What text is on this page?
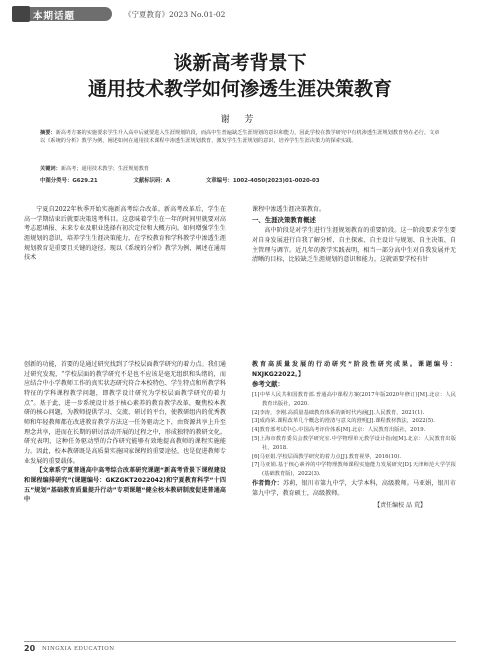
本期话题	《宁夏教育》2023 No.01-02
谈新高考背景下
通用技术教学如何渗透生涯决策教育
谢 芳
摘要：新高考方案的实施要求学生升入高中后就要进入生涯规划阶段，而高中生普遍缺乏生涯规划的意识和能力，因此学校在教学研究中有机渗透生涯规划教育势在必行。文章以《系统的分析》教学为例，阐述如何在通用技术课程中渗透生涯规划教育，激发学生生涯规划的意识，培养学生生涯决策力的探索实践。
关键词：新高考；通用技术教学；生涯规划教育
中图分类号：G629.21	文献标识码：A	文章编号：1002-4050(2023)01-0020-03

宁夏自2022年秋季开始实施新高考综合改革。新高考改革后，学生在高一学期结束后就要决策选考科目。这意味着学生在一年的时间里就要对高考志愿填报、未来专业及职业选择有初次定位和大概方向。如何增强学生生涯规划的意识，培养学生生涯决策能力，在学校教育和学科教学中渗透生涯规划教育是重要且关键的途径。现以《系统的分析》教学为例，阐述在通用技术

课程中渗透生涯决策教育。

一、生涯决策教育概述

高中阶段是对学生进行生涯规划教育的重要阶段。这一阶段要求学生要对自身发展进行自我了解分析、自主探索、自主设计与规划、自主决策、自主管理与调节。近几年的教学实践表明，相当一部分高中生对自我发展并无清晰的目标，比较缺乏生涯规划的意识和能力。这就需要学校有针

创新的功能，首要的是通过研究找到了学校层面教学研究的着力点。我们通过研究发现，“学校层面的教学研究不是也不应该是毫无组织和头绪的，而应结合中小学教师工作的真实状态研究符合本校特色、学生特点和所教学科特征的学科课程教学问题，即教学设计研究为学校层面教学研究的着力点”。基于此，进一步系统设计基于核心素养的教育教学改革，聚焦校本教研的核心问题，为教师提供学习、交流、研讨的平台，使教研组内的优秀教师和年轻教师都在改进教育教学方法这一任务驱动之下，由资源共享上升至理念共享，进而在长期的研讨活动开展的过程之中，形成独特的教研文化。研究表明，这种任务驱动型的合作研究能够有效地提高教师的课程实施能力。因此，校本教研既是高质量实施国家课程的重要途径，也是促进教师专业发展的重要载体。

【文章系宁夏普通高中高考综合改革研究课题“新高考背景下课程建设和课程编排研究”(课题编号：GKZGKT2022042)和宁夏教育科学“十四五”规划“基础教育质量提升行动”专项课题“健全校本教研制度促进普通高中

教育高质量发展的行动研究”阶段性研究成果。课题编号：NXJKG22022。】

参考文献：
[1]中华人民共和国教育部.普通高中课程方案(2017年版2020年修订)[M].北京：人民教育出版社，2020.
[2]李涛，李刚.高质量基础教育体系的新时代内涵[J].人民教育，2021(1).
[3]成尚荣.课程改革几个概念的澄清与意义的澄明[J].课程教材教法，2022(5).
[4]教育部考试中心.中国高考评价体系[M].北京：人民教育出版社，2019.
[5]上海市教育委员会教学研究室.中学物理单元教学设计指南[M].北京：人民教育出版社，2018.
[6]马亚娟.学校层面教学研究的着力点[J].教育视界，2016(10).
[7]马亚娟.基于核心素养的中学物理教师课程实施能力发展研究[D].天津师范大学学报(基础教育版)，2022(3).

作者简介：苏莉，银川市第九中学，大学本科，高级教师。马亚娟，银川市第九中学，教育硕士，高级教师。

【责任编校 品 荒】
20 NINGXIA EDUCATION
